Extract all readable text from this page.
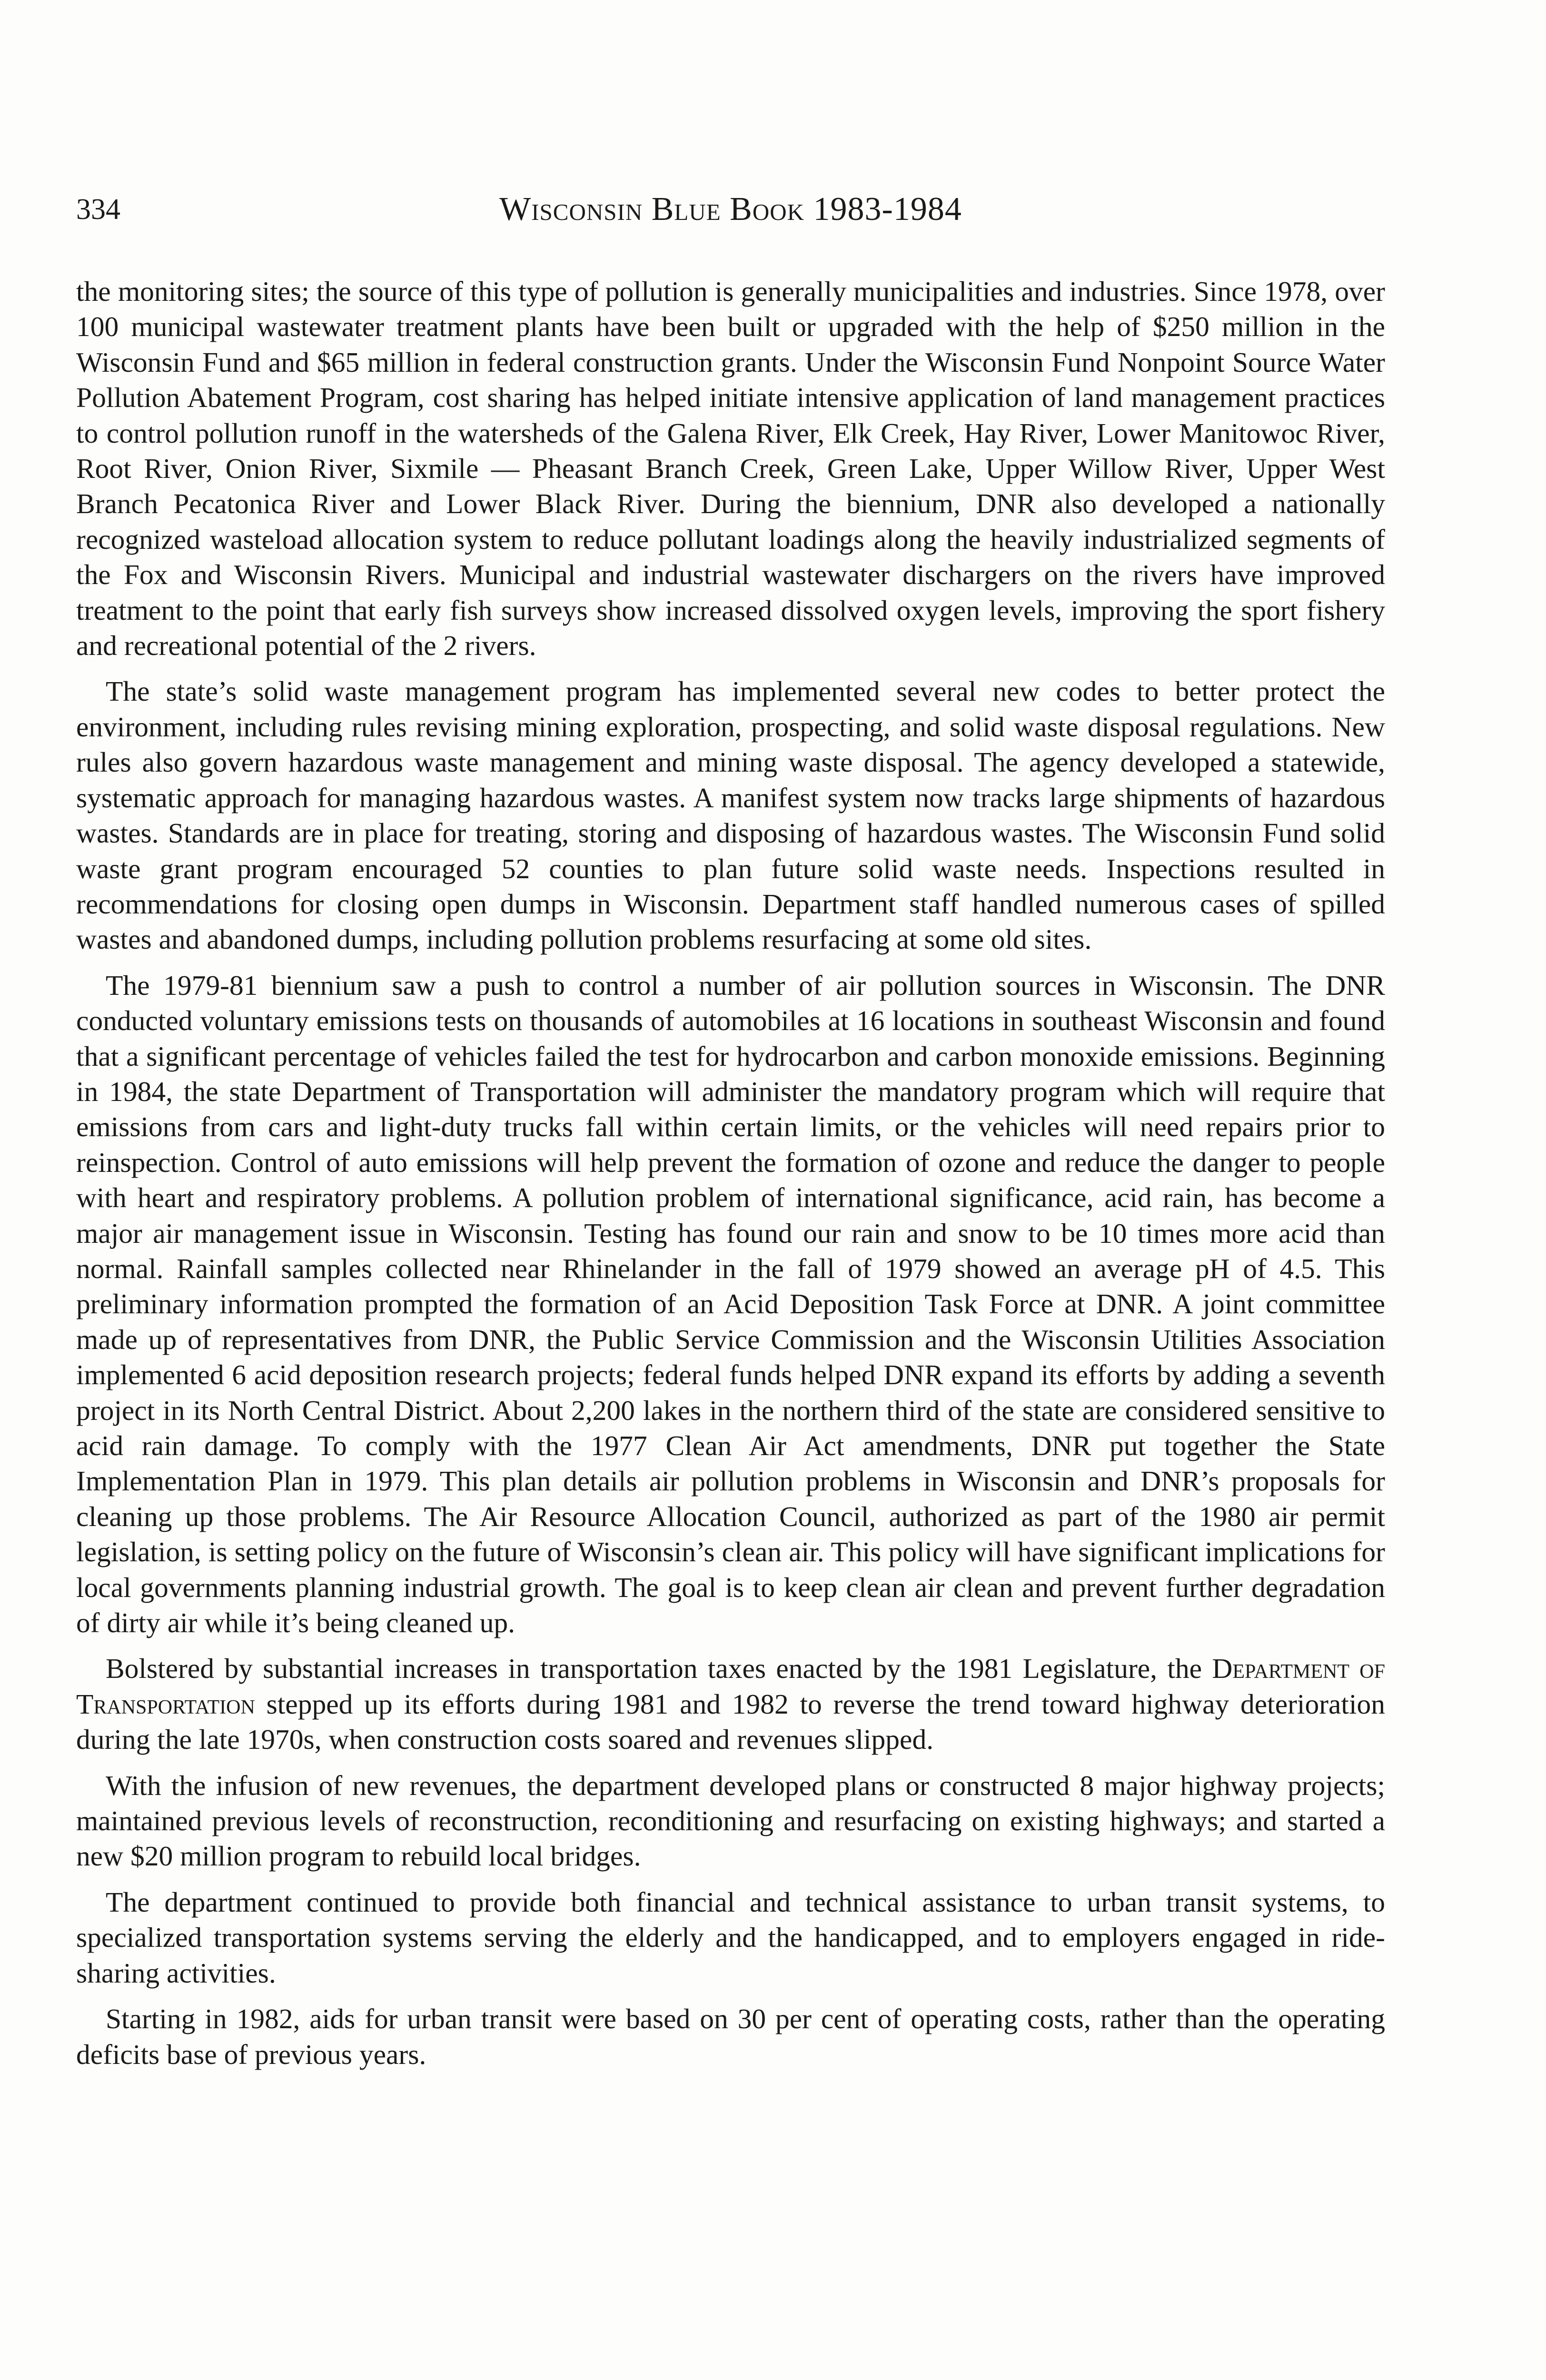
334	Wisconsin Blue Book 1983-1984

the monitoring sites; the source of this type of pollution is generally municipalities and industries. Since 1978, over 100 municipal wastewater treatment plants have been built or upgraded with the help of $250 million in the Wisconsin Fund and $65 million in federal construction grants. Under the Wisconsin Fund Nonpoint Source Water Pollution Abatement Program, cost sharing has helped initiate intensive application of land management practices to control pollution runoff in the watersheds of the Galena River, Elk Creek, Hay River, Lower Manitowoc River, Root River, Onion River, Sixmile — Pheasant Branch Creek, Green Lake, Upper Willow River, Upper West Branch Pecatonica River and Lower Black River. During the biennium, DNR also developed a nationally recognized wasteload allocation system to reduce pollutant loadings along the heavily industrialized segments of the Fox and Wisconsin Rivers. Municipal and industrial wastewater dischargers on the rivers have improved treatment to the point that early fish surveys show increased dissolved oxygen levels, improving the sport fishery and recreational potential of the 2 rivers.

The state’s solid waste management program has implemented several new codes to better protect the environment, including rules revising mining exploration, prospecting, and solid waste disposal regulations. New rules also govern hazardous waste management and mining waste disposal. The agency developed a statewide, systematic approach for managing hazardous wastes. A manifest system now tracks large shipments of hazardous wastes. Standards are in place for treating, storing and disposing of hazardous wastes. The Wisconsin Fund solid waste grant program encouraged 52 counties to plan future solid waste needs. Inspections resulted in recommendations for closing open dumps in Wisconsin. Department staff handled numerous cases of spilled wastes and abandoned dumps, including pollution problems resurfacing at some old sites.

The 1979-81 biennium saw a push to control a number of air pollution sources in Wisconsin. The DNR conducted voluntary emissions tests on thousands of automobiles at 16 locations in southeast Wisconsin and found that a significant percentage of vehicles failed the test for hydrocarbon and carbon monoxide emissions. Beginning in 1984, the state Department of Transportation will administer the mandatory program which will require that emissions from cars and light-duty trucks fall within certain limits, or the vehicles will need repairs prior to reinspection. Control of auto emissions will help prevent the formation of ozone and reduce the danger to people with heart and respiratory problems. A pollution problem of international significance, acid rain, has become a major air management issue in Wisconsin. Testing has found our rain and snow to be 10 times more acid than normal. Rainfall samples collected near Rhinelander in the fall of 1979 showed an average pH of 4.5. This preliminary information prompted the formation of an Acid Deposition Task Force at DNR. A joint committee made up of representatives from DNR, the Public Service Commission and the Wisconsin Utilities Association implemented 6 acid deposition research projects; federal funds helped DNR expand its efforts by adding a seventh project in its North Central District. About 2,200 lakes in the northern third of the state are considered sensitive to acid rain damage. To comply with the 1977 Clean Air Act amendments, DNR put together the State Implementation Plan in 1979. This plan details air pollution problems in Wisconsin and DNR’s proposals for cleaning up those problems. The Air Resource Allocation Council, authorized as part of the 1980 air permit legislation, is setting policy on the future of Wisconsin’s clean air. This policy will have significant implications for local governments planning industrial growth. The goal is to keep clean air clean and prevent further degradation of dirty air while it’s being cleaned up.

Bolstered by substantial increases in transportation taxes enacted by the 1981 Legislature, the Department of Transportation stepped up its efforts during 1981 and 1982 to reverse the trend toward highway deterioration during the late 1970s, when construction costs soared and revenues slipped.

With the infusion of new revenues, the department developed plans or constructed 8 major highway projects; maintained previous levels of reconstruction, reconditioning and resurfacing on existing highways; and started a new $20 million program to rebuild local bridges.

The department continued to provide both financial and technical assistance to urban transit systems, to specialized transportation systems serving the elderly and the handicapped, and to employers engaged in ride-sharing activities.

Starting in 1982, aids for urban transit were based on 30 per cent of operating costs, rather than the operating deficits base of previous years.
